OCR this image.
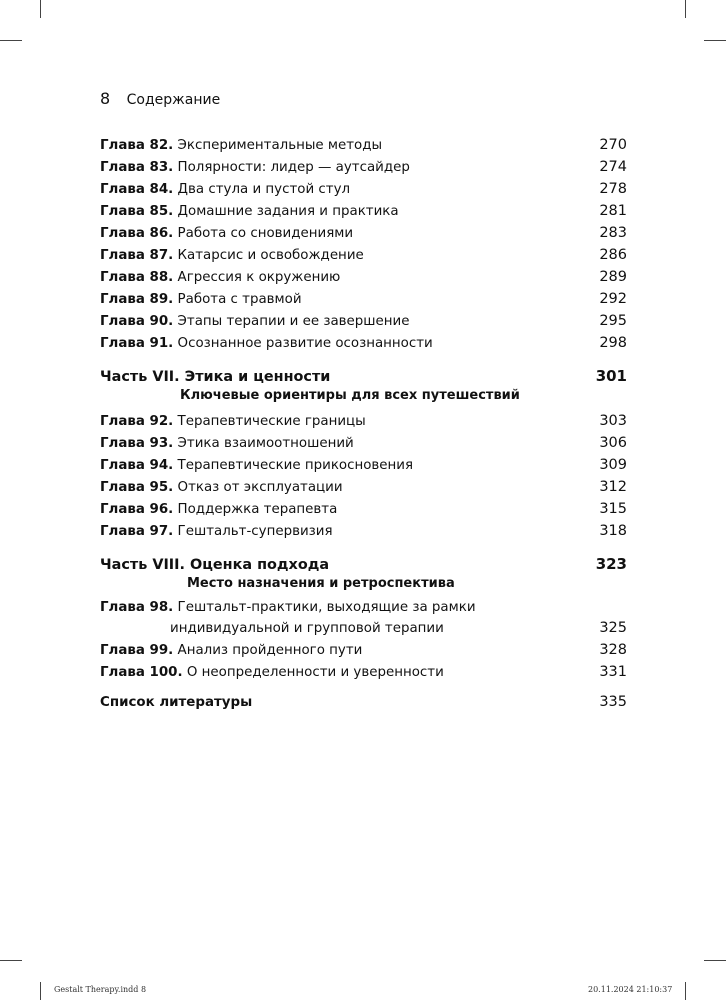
8 Содержание
Глава 82. Экспериментальные методы	270
Глава 83. Полярности: лидер — аутсайдер	274
Глава 84. Два стула и пустой стул	278
Глава 85. Домашние задания и практика	281
Глава 86. Работа со сновидениями	283
Глава 87. Катарсис и освобождение	286
Глава 88. Агрессия к окружению	289
Глава 89. Работа с травмой	292
Глава 90. Этапы терапии и ее завершение	295
Глава 91. Осознанное развитие осознанности	298
Часть VII. Этика и ценности	301
Ключевые ориентиры для всех путешествий
Глава 92. Терапевтические границы	303
Глава 93. Этика взаимоотношений	306
Глава 94. Терапевтические прикосновения	309
Глава 95. Отказ от эксплуатации	312
Глава 96. Поддержка терапевта	315
Глава 97. Гештальт-супервизия	318
Часть VIII. Оценка подхода	323
Место назначения и ретроспектива
Глава 98. Гештальт-практики, выходящие за рамки
индивидуальной и групповой терапии	325
Глава 99. Анализ пройденного пути	328
Глава 100. О неопределенности и уверенности	331
Список литературы	335
Gestalt Therapy.indd 8	20.11.2024 21:10:37
